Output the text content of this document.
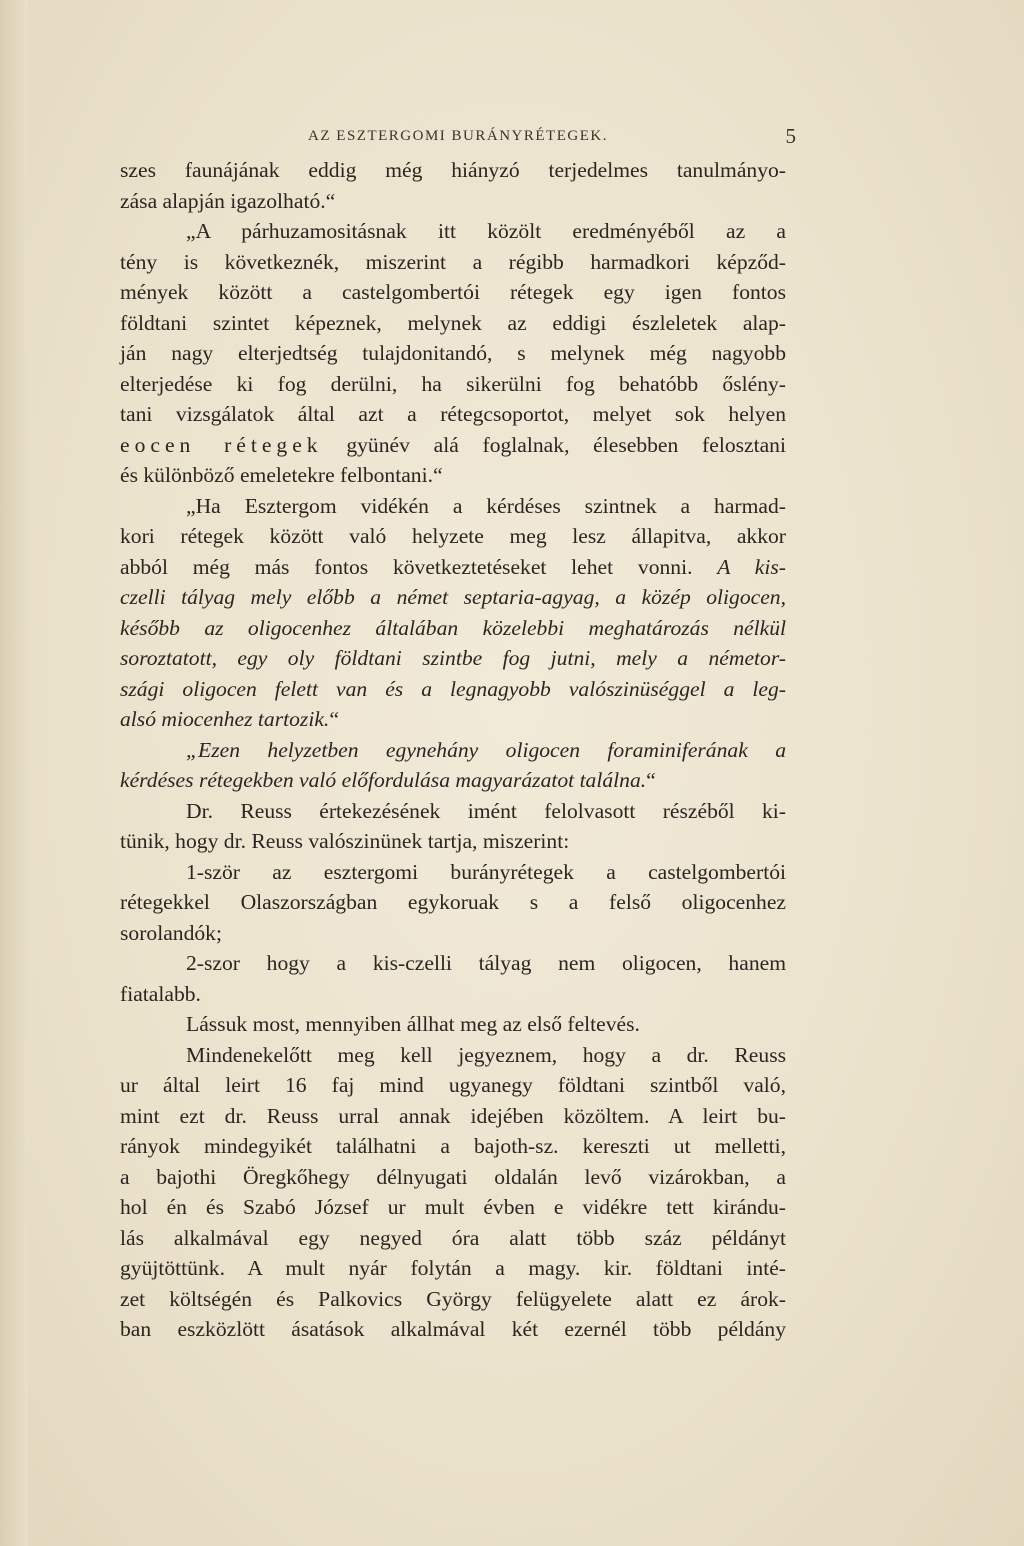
AZ ESZTERGOMI BURÁNYRÉTEGEK.	5
szes faunájának eddig még hiányzó terjedelmes tanulmányo-
zása alapján igazolható.“
„A párhuzamositásnak itt közölt eredményéből az a
tény is következnék, miszerint a régibb harmadkori képződ-
mények között a castelgombertói rétegek egy igen fontos
földtani szintet képeznek, melynek az eddigi észleletek alap-
ján nagy elterjedtség tulajdonitandó, s melynek még nagyobb
elterjedése ki fog derülni, ha sikerülni fog behatóbb őslény-
tani vizsgálatok által azt a rétegcsoportot, melyet sok helyen
eocen rétegek gyünév alá foglalnak, élesebben felosztani
és különböző emeletekre felbontani.“
„Ha Esztergom vidékén a kérdéses szintnek a harmad-
kori rétegek között való helyzete meg lesz állapitva, akkor
abból még más fontos következtetéseket lehet vonni. A kis-
czelli tályag mely előbb a német septaria-agyag, a közép oligocen,
később az oligocenhez általában közelebbi meghatározás nélkül
soroztatott, egy oly földtani szintbe fog jutni, mely a németor-
szági oligocen felett van és a legnagyobb valószinüséggel a leg-
alsó miocenhez tartozik.“
„Ezen helyzetben egynehány oligocen foraminiferának a
kérdéses rétegekben való előfordulása magyarázatot találna.“
Dr. Reuss értekezésének imént felolvasott részéből ki-
tünik, hogy dr. Reuss valószinünek tartja, miszerint:
1-ször az esztergomi burányrétegek a castelgombertói
rétegekkel Olaszországban egykoruak s a felső oligocenhez
sorolandók;
2-szor hogy a kis-czelli tályag nem oligocen, hanem
fiatalabb.
Lássuk most, mennyiben állhat meg az első feltevés.
Mindenekelőtt meg kell jegyeznem, hogy a dr. Reuss
ur által leirt 16 faj mind ugyanegy földtani szintből való,
mint ezt dr. Reuss urral annak idejében közöltem. A leirt bu-
rányok mindegyikét találhatni a bajoth-sz. kereszti ut melletti,
a bajothi Öregkőhegy délnyugati oldalán levő vizárokban, a
hol én és Szabó József ur mult évben e vidékre tett kirándu-
lás alkalmával egy negyed óra alatt több száz példányt
gyüjtöttünk. A mult nyár folytán a magy. kir. földtani inté-
zet költségén és Palkovics György felügyelete alatt ez árok-
ban eszközlött ásatások alkalmával két ezernél több példány
